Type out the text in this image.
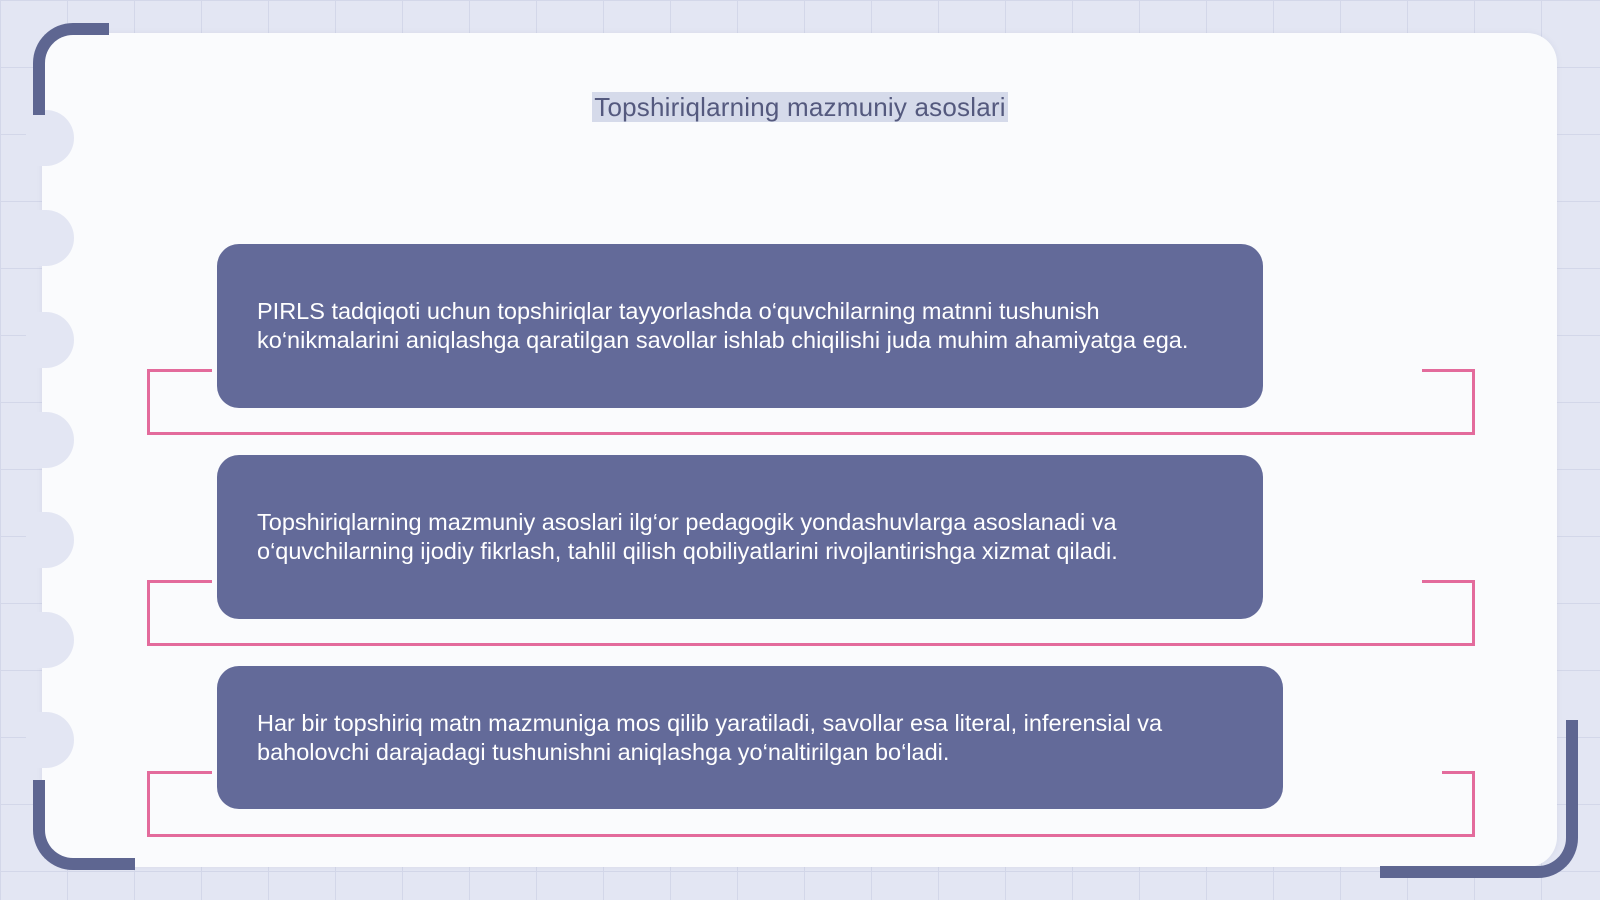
Topshiriqlarning mazmuniy asoslari
PIRLS tadqiqoti uchun topshiriqlar tayyorlashda o‘quvchilarning matnni tushunish ko‘nikmalarini aniqlashga qaratilgan savollar ishlab chiqilishi juda muhim ahamiyatga ega.
Topshiriqlarning mazmuniy asoslari ilg‘or pedagogik yondashuvlarga asoslanadi va o‘quvchilarning ijodiy fikrlash, tahlil qilish qobiliyatlarini rivojlantirishga xizmat qiladi.
Har bir topshiriq matn mazmuniga mos qilib yaratiladi, savollar esa literal, inferensial va baholovchi darajadagi tushunishni aniqlashga yo‘naltirilgan bo‘ladi.
